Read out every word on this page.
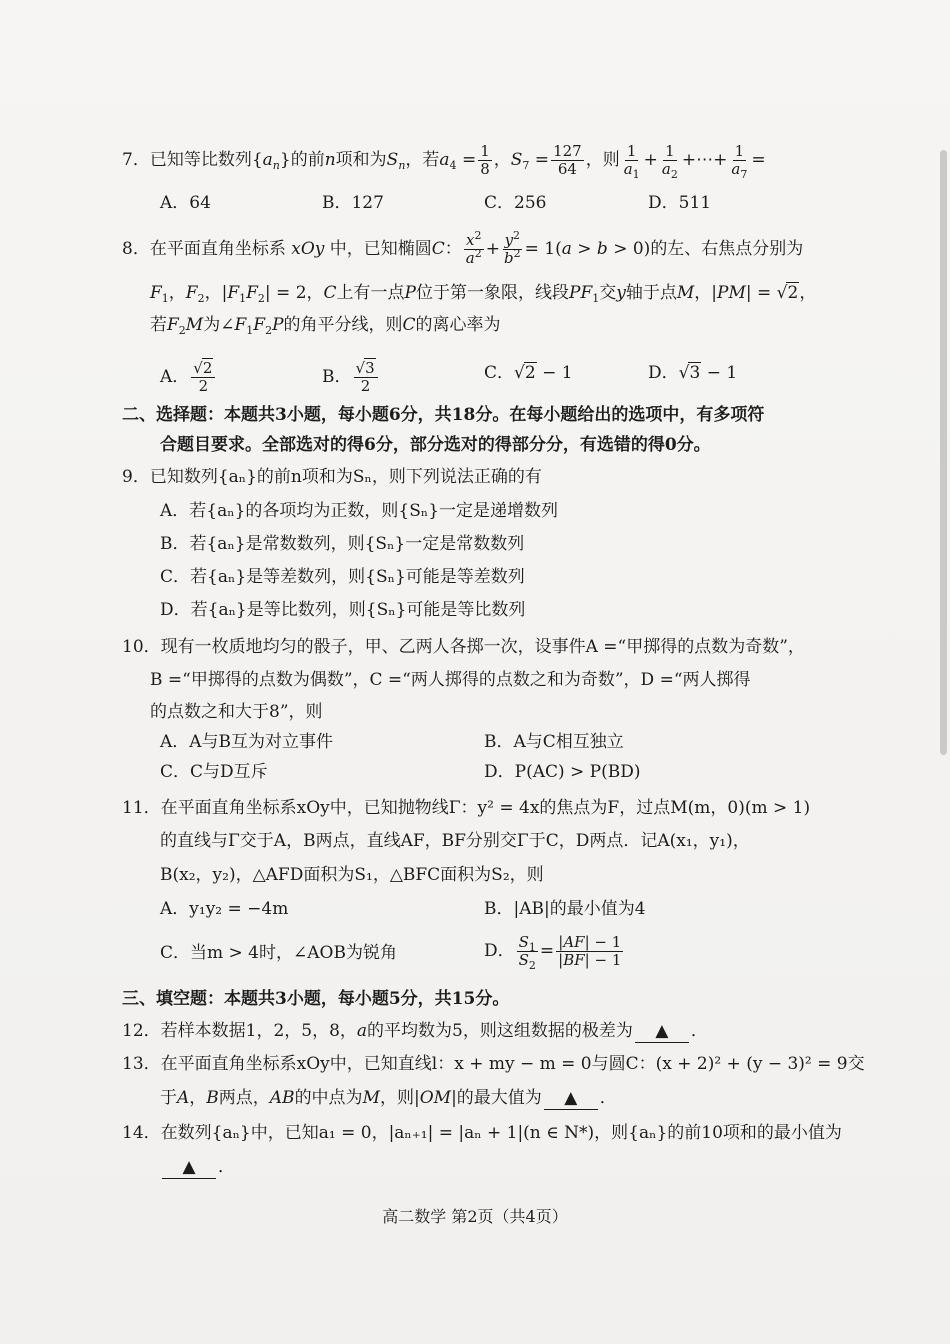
7．已知等比数列$\{a_n\}$的前n项和为$S_n$，若$a_4 = \frac{1}{8}$ ，$S_7 = \frac{127}{64}$ ，则 $\frac{1}{a_1} + \frac{1}{a_2}$ +⋯+ $\frac{1}{a_7}$ =
A．64	B．127	C．256	D．511
8．在平面直角坐标系 xOy 中，已知椭圆C： $\frac{x^2}{a^2} + \frac{y^2}{b^2} = 1(a > b > 0)$的左、右焦点分别为
$F_1$，$F_2$，$|F_1F_2| = 2$，C上有一点P位于第一象限，线段$PF_1$交y轴于点M，|PM| = √2，
若$F_2M$为$\angle F_1F_2P$的角平分线，则C的离心率为
A． $\frac{√2}{2}$	B． $\frac{√3}{2}$	C．√2 − 1	D．√3 − 1
二、选择题：本题共3小题，每小题6分，共18分。在每小题给出的选项中，有多项符
合题目要求。全部选对的得6分，部分选对的得部分分，有选错的得0分。
9．已知数列{aₙ}的前n项和为Sₙ，则下列说法正确的有
A．若{aₙ}的各项均为正数，则{Sₙ}一定是递增数列
B．若{aₙ}是常数数列，则{Sₙ}一定是常数数列
C．若{aₙ}是等差数列，则{Sₙ}可能是等差数列
D．若{aₙ}是等比数列，则{Sₙ}可能是等比数列
10．现有一枚质地均匀的骰子，甲、乙两人各掷一次，设事件A =“甲掷得的点数为奇数”，
B =“甲掷得的点数为偶数”，C =“两人掷得的点数之和为奇数”，D =“两人掷得
的点数之和大于8”，则
A．A与B互为对立事件	B．A与C相互独立
C．C与D互斥	D．P(AC) > P(BD)
11．在平面直角坐标系xOy中，已知抛物线Γ：y² = 4x的焦点为F，过点M(m，0)(m > 1)
的直线与Γ交于A，B两点，直线AF，BF分别交Γ于C，D两点．记A(x₁，y₁)，
B(x₂，y₂)，△AFD面积为S₁，△BFC面积为S₂，则
A．y₁y₂ = −4m	B．|AB|的最小值为4
C．当m > 4时，∠AOB为锐角	D． $\frac{S_1}{S_2} = \frac{|AF| - 1}{|BF| - 1}$
三、填空题：本题共3小题，每小题5分，共15分。
12．若样本数据1，2，5，8，a的平均数为5，则这组数据的极差为 ▲ ．
13．在平面直角坐标系xOy中，已知直线l：x + my − m = 0与圆C：(x + 2)² + (y − 3)² = 9交
于A，B两点，AB的中点为M，则|OM|的最大值为 ▲ ．
14．在数列{aₙ}中，已知a₁ = 0，|aₙ₊₁| = |aₙ + 1|(n ∈ N*)，则{aₙ}的前10项和的最小值为
▲ ．
高二数学 第2页（共4页）
